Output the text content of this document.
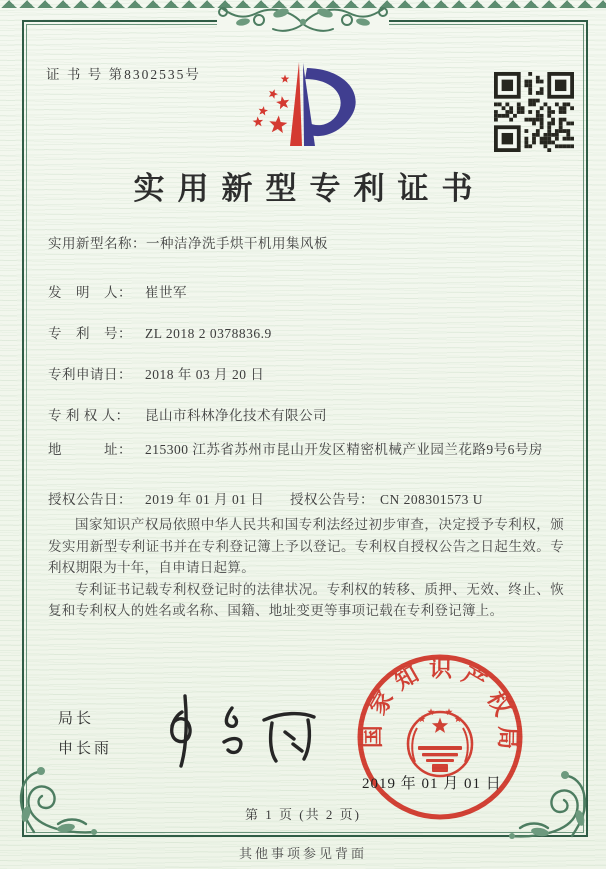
证 书 号 第8302535号
实用新型专利证书
实用新型名称： 一种洁净洗手烘干机用集风板
发　明　人： 崔世军
专　利　号： ZL 2018 2 0378836.9
专利申请日： 2018 年 03 月 20 日
专 利 权 人：	昆山市科林净化技术有限公司
地　　　址： 215300 江苏省苏州市昆山开发区精密机械产业园兰花路9号6号房
授权公告日： 2019 年 01 月 01 日 授权公告号： CN 208301573 U

国家知识产权局依照中华人民共和国专利法经过初步审查，决定授予专利权，颁发实用新型专利证书并在专利登记簿上予以登记。专利权自授权公告之日起生效。专利权期限为十年，自申请日起算。

专利证书记载专利权登记时的法律状况。专利权的转移、质押、无效、终止、恢复和专利权人的姓名或名称、国籍、地址变更等事项记载在专利登记簿上。

局长
申长雨
国家知识产权局
2019 年 01 月 01 日
第 1 页 (共 2 页)
其他事项参见背面
